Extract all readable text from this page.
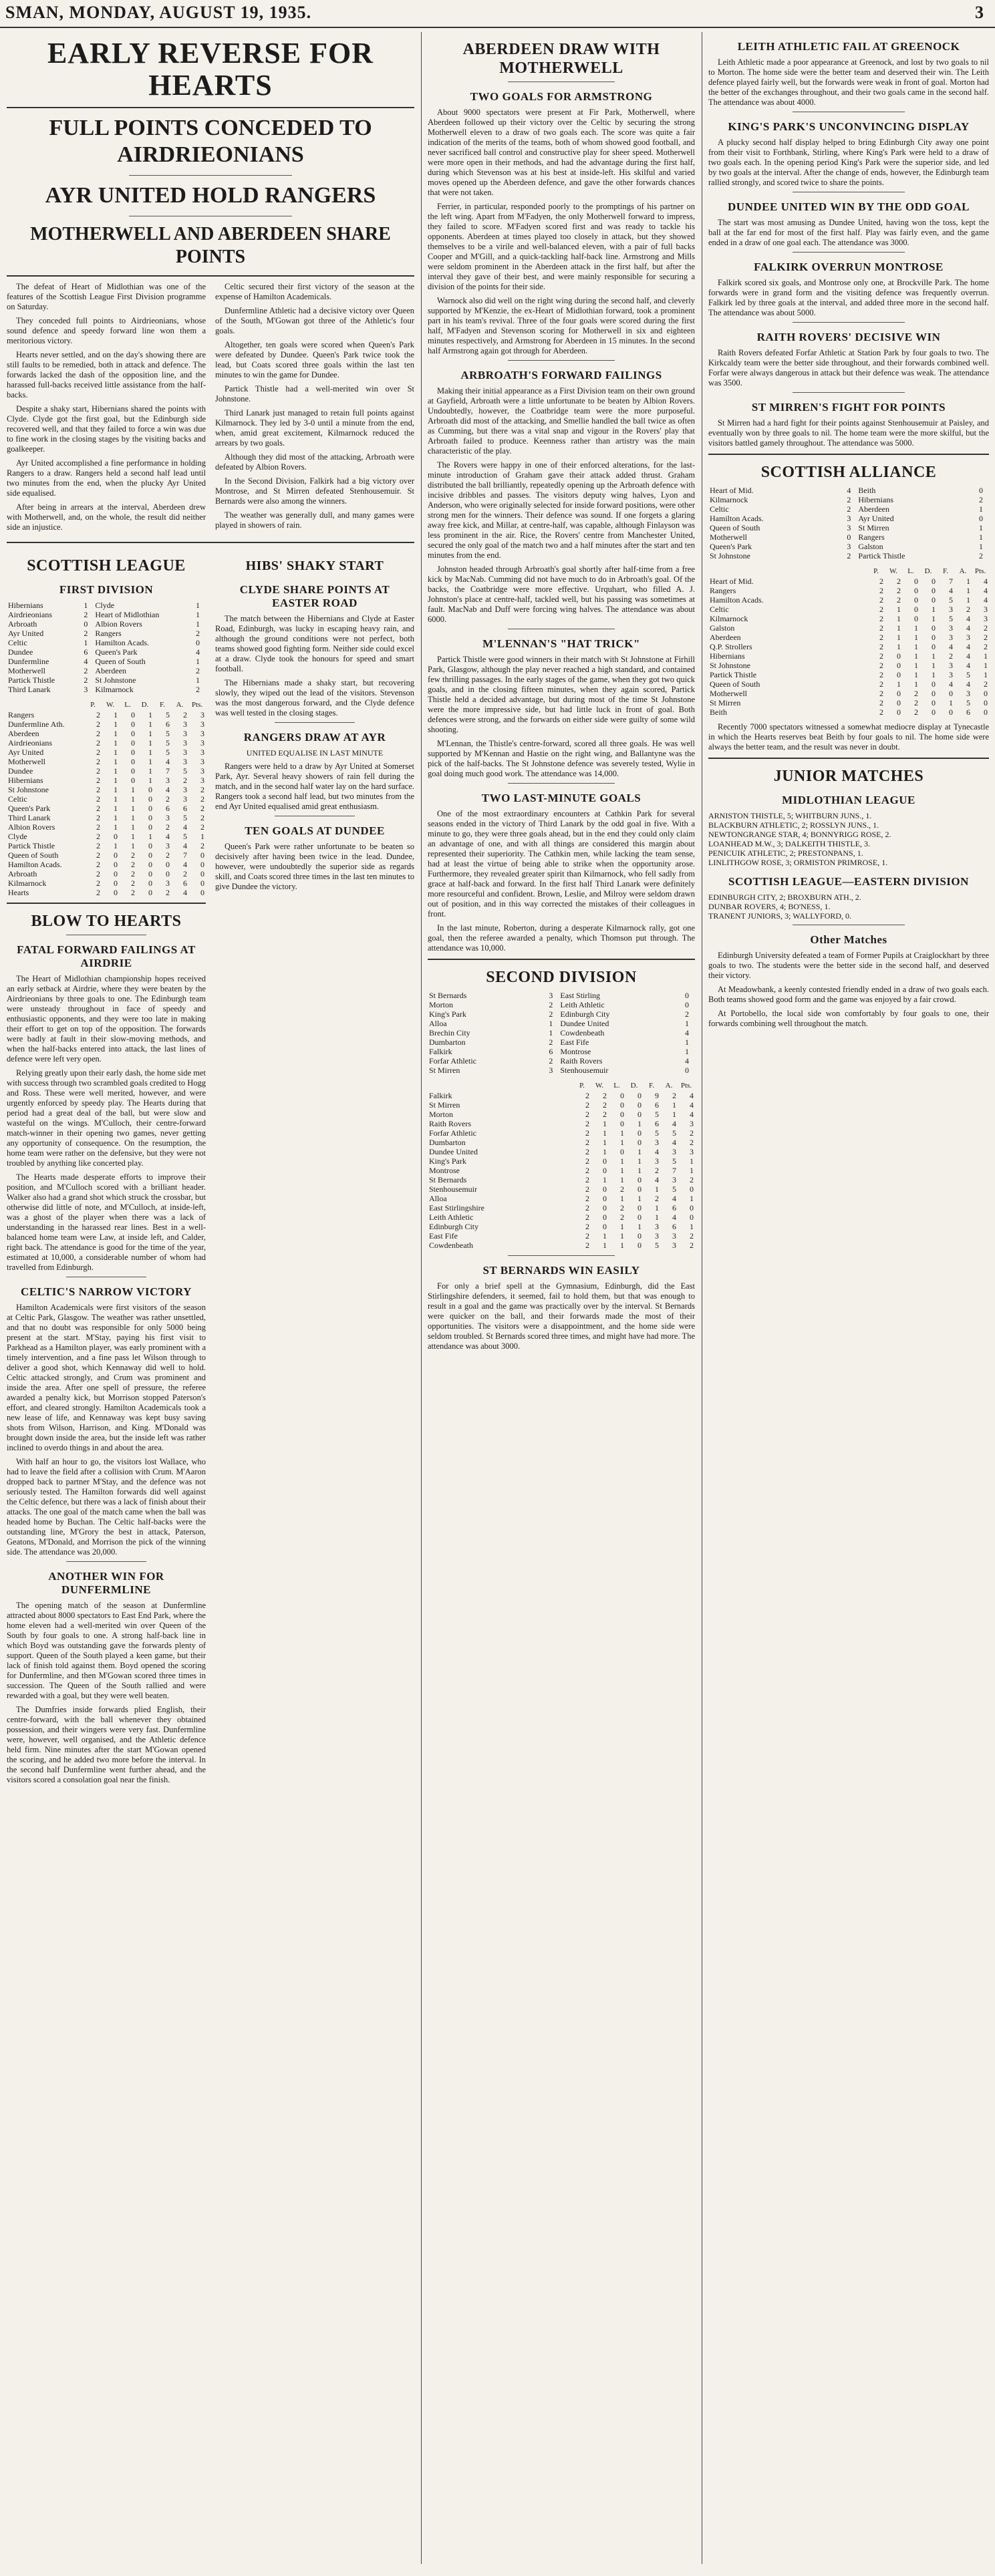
SMAN, MONDAY, AUGUST 19, 1935.	3
EARLY REVERSE FOR HEARTS
FULL POINTS CONCEDED TO AIRDRIEONIANS
AYR UNITED HOLD RANGERS
MOTHERWELL AND ABERDEEN SHARE POINTS

The defeat of Heart of Midlothian was one of the features of the Scottish League First Division programme on Saturday.

They conceded full points to Airdrieonians, whose sound defence and speedy forward line won them a meritorious victory.

Hearts never settled, and on the day's showing there are still faults to be remedied, both in attack and defence. The forwards lacked the dash of the opposition line, and the harassed full-backs received little assistance from the half-backs.

Despite a shaky start, Hibernians shared the points with Clyde. Clyde got the first goal, but the Edinburgh side recovered well, and that they failed to force a win was due to fine work in the closing stages by the visiting backs and goalkeeper.

Ayr United accomplished a fine performance in holding Rangers to a draw. Rangers held a second half lead until two minutes from the end, when the plucky Ayr United side equalised.

After being in arrears at the interval, Aberdeen drew with Motherwell, and, on the whole, the result did neither side an injustice.

Celtic secured their first victory of the season at the expense of Hamilton Academicals.

Dunfermline Athletic had a decisive victory over Queen of the South, M'Gowan got three of the Athletic's four goals.

Altogether, ten goals were scored when Queen's Park were defeated by Dundee. Queen's Park twice took the lead, but Coats scored three goals within the last ten minutes to win the game for Dundee.

Partick Thistle had a well-merited win over St Johnstone.

Third Lanark just managed to retain full points against Kilmarnock. They led by 3-0 until a minute from the end, when, amid great excitement, Kilmarnock reduced the arrears by two goals.

Although they did most of the attacking, Arbroath were defeated by Albion Rovers.

In the Second Division, Falkirk had a big victory over Montrose, and St Mirren defeated Stenhousemuir. St Bernards were also among the winners.

The weather was generally dull, and many games were played in showers of rain.

SCOTTISH LEAGUE
FIRST DIVISION
Hibernians	1	Clyde	1
Airdrieonians	2	Heart of Midlothian	1
Arbroath	0	Albion Rovers	1
Ayr United	2	Rangers	2
Celtic	1	Hamilton Acads.	0
Dundee	6	Queen's Park	4
Dunfermline	4	Queen of South	1
Motherwell	2	Aberdeen	2
Partick Thistle	2	St Johnstone	1
Third Lanark	3	Kilmarnock	2
	P.	W.	L.	D.	F.	A.	Pts.
Rangers	2	1	0	1	5	2	3
Dunfermline Ath.	2	1	0	1	6	3	3
Aberdeen	2	1	0	1	5	3	3
Airdrieonians	2	1	0	1	5	3	3
Ayr United	2	1	0	1	5	3	3
Motherwell	2	1	0	1	4	3	3
Dundee	2	1	0	1	7	5	3
Hibernians	2	1	0	1	3	2	3
St Johnstone	2	1	1	0	4	3	2
Celtic	2	1	1	0	2	3	2
Queen's Park	2	1	1	0	6	6	2
Third Lanark	2	1	1	0	3	5	2
Albion Rovers	2	1	1	0	2	4	2
Clyde	2	0	1	1	4	5	1
Partick Thistle	2	1	1	0	3	4	2
Queen of South	2	0	2	0	2	7	0
Hamilton Acads.	2	0	2	0	0	4	0
Arbroath	2	0	2	0	0	2	0
Kilmarnock	2	0	2	0	3	6	0
Hearts	2	0	2	0	2	4	0
BLOW TO HEARTS
FATAL FORWARD FAILINGS AT AIRDRIE

The Heart of Midlothian championship hopes received an early setback at Airdrie, where they were beaten by the Airdrieonians by three goals to one. The Edinburgh team were unsteady throughout in face of speedy and enthusiastic opponents, and they were too late in making their effort to get on top of the opposition. The forwards were badly at fault in their slow-moving methods, and when the half-backs entered into attack, the last lines of defence were left very open.

Relying greatly upon their early dash, the home side met with success through two scrambled goals credited to Hogg and Ross. These were well merited, however, and were urgently enforced by speedy play. The Hearts during that period had a great deal of the ball, but were slow and wasteful on the wings. M'Culloch, their centre-forward match-winner in their opening two games, never getting any opportunity of consequence. On the resumption, the home team were rather on the defensive, but they were not troubled by anything like concerted play.

The Hearts made desperate efforts to improve their position, and M'Culloch scored with a brilliant header. Walker also had a grand shot which struck the crossbar, but otherwise did little of note, and M'Culloch, at inside-left, was a ghost of the player when there was a lack of understanding in the harassed rear lines. Best in a well-balanced home team were Law, at inside left, and Calder, right back. The attendance is good for the time of the year, estimated at 10,000, a considerable number of whom had travelled from Edinburgh.

CELTIC'S NARROW VICTORY

Hamilton Academicals were first visitors of the season at Celtic Park, Glasgow. The weather was rather unsettled, and that no doubt was responsible for only 5000 being present at the start. M'Stay, paying his first visit to Parkhead as a Hamilton player, was early prominent with a timely intervention, and a fine pass let Wilson through to deliver a good shot, which Kennaway did well to hold. Celtic attacked strongly, and Crum was prominent and inside the area. After one spell of pressure, the referee awarded a penalty kick, but Morrison stopped Paterson's effort, and cleared strongly. Hamilton Academicals took a new lease of life, and Kennaway was kept busy saving shots from Wilson, Harrison, and King. M'Donald was brought down inside the area, but the inside left was rather inclined to overdo things in and about the area.

With half an hour to go, the visitors lost Wallace, who had to leave the field after a collision with Crum. M'Aaron dropped back to partner M'Stay, and the defence was not seriously tested. The Hamilton forwards did well against the Celtic defence, but there was a lack of finish about their attacks. The one goal of the match came when the ball was headed home by Buchan. The Celtic half-backs were the outstanding line, M'Grory the best in attack, Paterson, Geatons, M'Donald, and Morrison the pick of the winning side. The attendance was 20,000.

ANOTHER WIN FOR DUNFERMLINE

The opening match of the season at Dunfermline attracted about 8000 spectators to East End Park, where the home eleven had a well-merited win over Queen of the South by four goals to one. A strong half-back line in which Boyd was outstanding gave the forwards plenty of support. Queen of the South played a keen game, but their lack of finish told against them. Boyd opened the scoring for Dunfermline, and then M'Gowan scored three times in succession. The Queen of the South rallied and were rewarded with a goal, but they were well beaten.

The Dumfries inside forwards plied English, their centre-forward, with the ball whenever they obtained possession, and their wingers were very fast. Dunfermline were, however, well organised, and the Athletic defence held firm. Nine minutes after the start M'Gowan opened the scoring, and he added two more before the interval. In the second half Dunfermline went further ahead, and the visitors scored a consolation goal near the finish.

HIBS' SHAKY START
CLYDE SHARE POINTS AT EASTER ROAD

The match between the Hibernians and Clyde at Easter Road, Edinburgh, was lucky in escaping heavy rain, and although the ground conditions were not perfect, both teams showed good fighting form. Neither side could excel at a draw. Clyde took the honours for speed and smart football.

The Hibernians made a shaky start, but recovering slowly, they wiped out the lead of the visitors. Stevenson was the most dangerous forward, and the Clyde defence was well tested in the closing stages.

RANGERS DRAW AT AYR
UNITED EQUALISE IN LAST MINUTE

Rangers were held to a draw by Ayr United at Somerset Park, Ayr. Several heavy showers of rain fell during the match, and in the second half water lay on the hard surface. Rangers took a second half lead, but two minutes from the end Ayr United equalised amid great enthusiasm.

TEN GOALS AT DUNDEE

Queen's Park were rather unfortunate to be beaten so decisively after having been twice in the lead. Dundee, however, were undoubtedly the superior side as regards skill, and Coats scored three times in the last ten minutes to give Dundee the victory.

ABERDEEN DRAW WITH MOTHERWELL
TWO GOALS FOR ARMSTRONG

About 9000 spectators were present at Fir Park, Motherwell, where Aberdeen followed up their victory over the Celtic by securing the strong Motherwell eleven to a draw of two goals each. The score was quite a fair indication of the merits of the teams, both of whom showed good football, and never sacrificed ball control and constructive play for sheer speed. Motherwell were more open in their methods, and had the advantage during the first half, during which Stevenson was at his best at inside-left. His skilful and varied moves opened up the Aberdeen defence, and gave the other forwards chances that were not taken.

Ferrier, in particular, responded poorly to the promptings of his partner on the left wing. Apart from M'Fadyen, the only Motherwell forward to impress, they failed to score. M'Fadyen scored first and was ready to tackle his opponents. Aberdeen at times played too closely in attack, but they showed themselves to be a virile and well-balanced eleven, with a pair of full backs Cooper and M'Gill, and a quick-tackling half-back line. Armstrong and Mills were seldom prominent in the Aberdeen attack in the first half, but after the interval they gave of their best, and were mainly responsible for securing a division of the points for their side.

Warnock also did well on the right wing during the second half, and cleverly supported by M'Kenzie, the ex-Heart of Midlothian forward, took a prominent part in his team's revival. Three of the four goals were scored during the first half, M'Fadyen and Stevenson scoring for Motherwell in six and eighteen minutes respectively, and Armstrong for Aberdeen in 15 minutes. In the second half Armstrong again got through for Aberdeen.

ARBROATH'S FORWARD FAILINGS

Making their initial appearance as a First Division team on their own ground at Gayfield, Arbroath were a little unfortunate to be beaten by Albion Rovers. Undoubtedly, however, the Coatbridge team were the more purposeful. Arbroath did most of the attacking, and Smellie handled the ball twice as often as Cumming, but there was a vital snap and vigour in the Rovers' play that Arbroath failed to produce. Keenness rather than artistry was the main characteristic of the play.

The Rovers were happy in one of their enforced alterations, for the last-minute introduction of Graham gave their attack added thrust. Graham distributed the ball brilliantly, repeatedly opening up the Arbroath defence with incisive dribbles and passes. The visitors deputy wing halves, Lyon and Anderson, who were originally selected for inside forward positions, were other strong men for the winners. Their defence was sound. If one forgets a glaring away free kick, and Millar, at centre-half, was capable, although Finlayson was less prominent in the air. Rice, the Rovers' centre from Manchester United, secured the only goal of the match two and a half minutes after the start and ten minutes from the end.

Johnston headed through Arbroath's goal shortly after half-time from a free kick by MacNab. Cumming did not have much to do in Arbroath's goal. Of the backs, the Coatbridge were more effective. Urquhart, who filled A. J. Johnston's place at centre-half, tackled well, but his passing was sometimes at fault. MacNab and Duff were forcing wing halves. The attendance was about 6000.

M'LENNAN'S "HAT TRICK"

Partick Thistle were good winners in their match with St Johnstone at Firhill Park, Glasgow, although the play never reached a high standard, and contained few thrilling passages. In the early stages of the game, when they got two quick goals, and in the closing fifteen minutes, when they again scored, Partick Thistle held a decided advantage, but during most of the time St Johnstone were the more impressive side, but had little luck in front of goal. Both defences were strong, and the forwards on either side were guilty of some wild shooting.

M'Lennan, the Thistle's centre-forward, scored all three goals. He was well supported by M'Kennan and Hastie on the right wing, and Ballantyne was the pick of the half-backs. The St Johnstone defence was severely tested, Wylie in goal doing much good work. The attendance was 14,000.

TWO LAST-MINUTE GOALS

One of the most extraordinary encounters at Cathkin Park for several seasons ended in the victory of Third Lanark by the odd goal in five. With a minute to go, they were three goals ahead, but in the end they could only claim an advantage of one, and with all things are considered this margin about represented their superiority. The Cathkin men, while lacking the team sense, had at least the virtue of being able to strike when the opportunity arose. Furthermore, they revealed greater spirit than Kilmarnock, who fell sadly from grace at half-back and forward. In the first half Third Lanark were definitely more resourceful and confident. Brown, Leslie, and Milroy were seldom drawn out of position, and in this way corrected the mistakes of their colleagues in front.

In the last minute, Roberton, during a desperate Kilmarnock rally, got one goal, then the referee awarded a penalty, which Thomson put through. The attendance was 10,000.

SECOND DIVISION
St Bernards	3	East Stirling	0
Morton	2	Leith Athletic	0
King's Park	2	Edinburgh City	2
Alloa	1	Dundee United	1
Brechin City	1	Cowdenbeath	4
Dumbarton	2	East Fife	1
Falkirk	6	Montrose	1
Forfar Athletic	2	Raith Rovers	4
St Mirren	3	Stenhousemuir	0
	P.	W.	L.	D.	F.	A.	Pts.
Falkirk	2	2	0	0	9	2	4
St Mirren	2	2	0	0	6	1	4
Morton	2	2	0	0	5	1	4
Raith Rovers	2	1	0	1	6	4	3
Forfar Athletic	2	1	1	0	5	5	2
Dumbarton	2	1	1	0	3	4	2
Dundee United	2	1	0	1	4	3	3
King's Park	2	0	1	1	3	5	1
Montrose	2	0	1	1	2	7	1
St Bernards	2	1	1	0	4	3	2
Stenhousemuir	2	0	2	0	1	5	0
Alloa	2	0	1	1	2	4	1
East Stirlingshire	2	0	2	0	1	6	0
Leith Athletic	2	0	2	0	1	4	0
Edinburgh City	2	0	1	1	3	6	1
East Fife	2	1	1	0	3	3	2
Cowdenbeath	2	1	1	0	5	3	2
ST BERNARDS WIN EASILY

For only a brief spell at the Gymnasium, Edinburgh, did the East Stirlingshire defenders, it seemed, fail to hold them, but that was enough to result in a goal and the game was practically over by the interval. St Bernards were quicker on the ball, and their forwards made the most of their opportunities. The visitors were a disappointment, and the home side were seldom troubled. St Bernards scored three times, and might have had more. The attendance was about 3000.

LEITH ATHLETIC FAIL AT GREENOCK

Leith Athletic made a poor appearance at Greenock, and lost by two goals to nil to Morton. The home side were the better team and deserved their win. The Leith defence played fairly well, but the forwards were weak in front of goal. Morton had the better of the exchanges throughout, and their two goals came in the second half. The attendance was about 4000.

KING'S PARK'S UNCONVINCING DISPLAY

A plucky second half display helped to bring Edinburgh City away one point from their visit to Forthbank, Stirling, where King's Park were held to a draw of two goals each. In the opening period King's Park were the superior side, and led by two goals at the interval. After the change of ends, however, the Edinburgh team rallied strongly, and scored twice to share the points.

DUNDEE UNITED WIN BY THE ODD GOAL

The start was most amusing as Dundee United, having won the toss, kept the ball at the far end for most of the first half. Play was fairly even, and the game ended in a draw of one goal each. The attendance was 3000.

FALKIRK OVERRUN MONTROSE

Falkirk scored six goals, and Montrose only one, at Brockville Park. The home forwards were in grand form and the visiting defence was frequently overrun. Falkirk led by three goals at the interval, and added three more in the second half. The attendance was about 5000.

RAITH ROVERS' DECISIVE WIN

Raith Rovers defeated Forfar Athletic at Station Park by four goals to two. The Kirkcaldy team were the better side throughout, and their forwards combined well. Forfar were always dangerous in attack but their defence was weak. The attendance was 3500.

ST MIRREN'S FIGHT FOR POINTS

St Mirren had a hard fight for their points against Stenhousemuir at Paisley, and eventually won by three goals to nil. The home team were the more skilful, but the visitors battled gamely throughout. The attendance was 5000.

SCOTTISH ALLIANCE
Heart of Mid.	4	Beith	0
Kilmarnock	2	Hibernians	2
Celtic	2	Aberdeen	1
Hamilton Acads.	3	Ayr United	0
Queen of South	3	St Mirren	1
Motherwell	0	Rangers	1
Queen's Park	3	Galston	1
St Johnstone	2	Partick Thistle	2
	P.	W.	L.	D.	F.	A.	Pts.
Heart of Mid.	2	2	0	0	7	1	4
Rangers	2	2	0	0	4	1	4
Hamilton Acads.	2	2	0	0	5	1	4
Celtic	2	1	0	1	3	2	3
Kilmarnock	2	1	0	1	5	4	3
Galston	2	1	1	0	3	4	2
Aberdeen	2	1	1	0	3	3	2
Q.P. Strollers	2	1	1	0	4	4	2
Hibernians	2	0	1	1	2	4	1
St Johnstone	2	0	1	1	3	4	1
Partick Thistle	2	0	1	1	3	5	1
Queen of South	2	1	1	0	4	4	2
Motherwell	2	0	2	0	0	3	0
St Mirren	2	0	2	0	1	5	0
Beith	2	0	2	0	0	6	0

Recently 7000 spectators witnessed a somewhat mediocre display at Tynecastle in which the Hearts reserves beat Beith by four goals to nil. The home side were always the better team, and the result was never in doubt.

JUNIOR MATCHES
MIDLOTHIAN LEAGUE
ARNISTON THISTLE, 5; WHITBURN JUNS., 1.
BLACKBURN ATHLETIC, 2; ROSSLYN JUNS., 1.
NEWTONGRANGE STAR, 4; BONNYRIGG ROSE, 2.
LOANHEAD M.W., 3; DALKEITH THISTLE, 3.
PENICUIK ATHLETIC, 2; PRESTONPANS, 1.
LINLITHGOW ROSE, 3; ORMISTON PRIMROSE, 1.
SCOTTISH LEAGUE—EASTERN DIVISION
EDINBURGH CITY, 2; BROXBURN ATH., 2.
DUNBAR ROVERS, 4; BO'NESS, 1.
TRANENT JUNIORS, 3; WALLYFORD, 0.
Other Matches

Edinburgh University defeated a team of Former Pupils at Craiglockhart by three goals to two. The students were the better side in the second half, and deserved their victory.

At Meadowbank, a keenly contested friendly ended in a draw of two goals each. Both teams showed good form and the game was enjoyed by a fair crowd.

At Portobello, the local side won comfortably by four goals to one, their forwards combining well throughout the match.
